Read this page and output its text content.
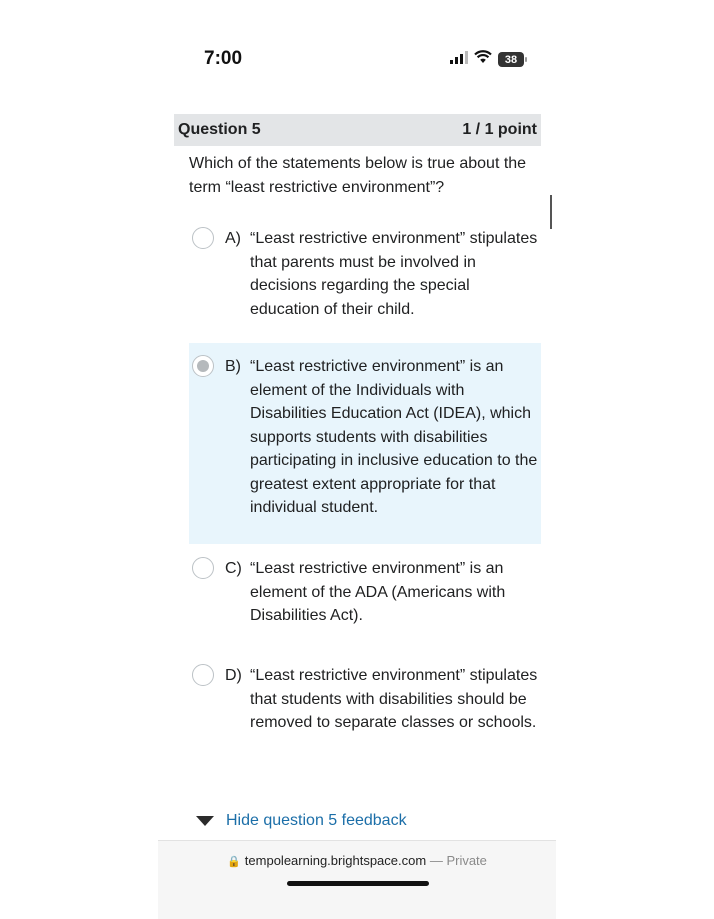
7:00	38
Question 5	1 / 1 point
Which of the statements below is true about the term “least restrictive environment”?
A) “Least restrictive environment” stipulates that parents must be involved in decisions regarding the special education of their child.
B) “Least restrictive environment” is an element of the Individuals with Disabilities Education Act (IDEA), which supports students with disabilities participating in inclusive education to the greatest extent appropriate for that individual student.
C) “Least restrictive environment” is an element of the ADA (Americans with Disabilities Act).
D) “Least restrictive environment” stipulates that students with disabilities should be removed to separate classes or schools.
Hide question 5 feedback
🔒 tempolearning.brightspace.com — Private
